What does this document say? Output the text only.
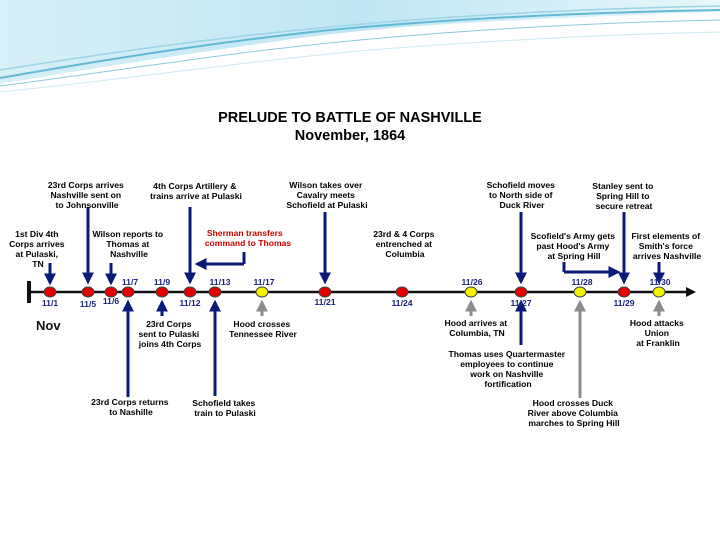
PRELUDE TO BATTLE OF NASHVILLE
November, 1864
Nov
11/1	11/5 11/6
11/7 11/9
11/12
11/13	11/17
11/21	11/24
11/26
11/27
11/28
11/29
11/30
1st Div 4th Corps arrives at Pulaski, TN
23rd Corps arrives Nashville sent on to Johnsonville
23rd Corps returns to Nashille
Wilson reports to Thomas at Nashville
23rd Corps sent to Pulaski joins 4th Corps
4th Corps Artillery & trains arrive at Pulaski
Sherman transfers command to Thomas
Schofield takes train to Pulaski
Hood crosses Tennessee River
Wilson takes over Cavalry meets Schofield at Pulaski
23rd & 4 Corps entrenched at Columbia
Hood arrives at Columbia, TN
Schofield moves to North side of Duck River
Thomas uses Quartermaster employees to continue work on Nashville fortification
Hood crosses Duck River above Columbia marches to Spring Hill
Scofield's Army gets past Hood's Army at Spring Hill
Stanley sent to Spring Hill to secure retreat
First elements of Smith's force arrives Nashville
Hood attacks Union at Franklin
